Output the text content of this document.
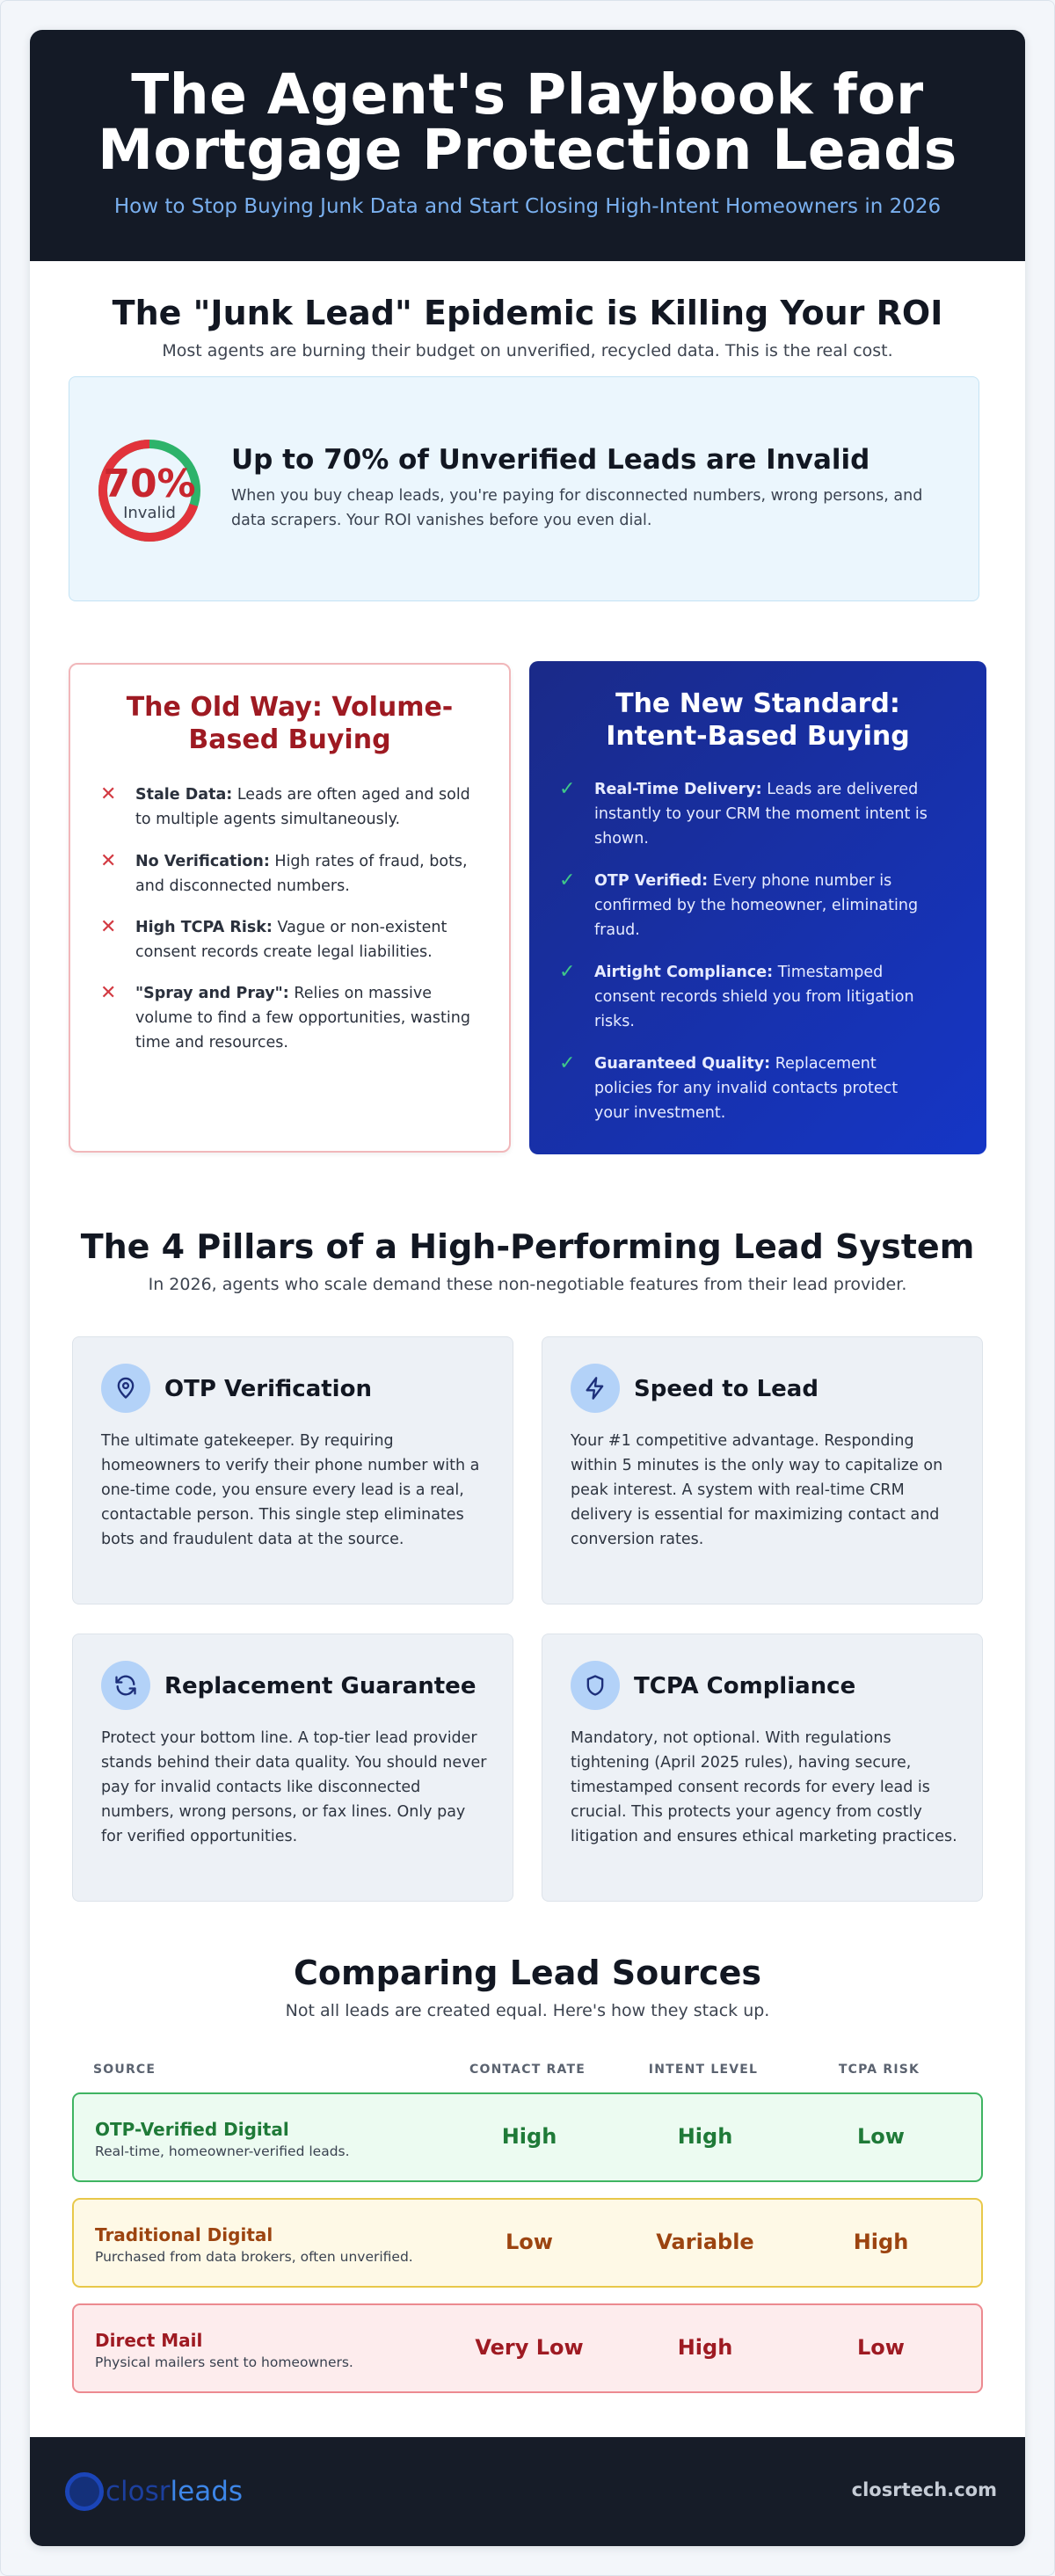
The Agent's Playbook for
Mortgage Protection Leads

How to Stop Buying Junk Data and Start Closing High-Intent Homeowners in 2026

The "Junk Lead" Epidemic is Killing Your ROI
Most agents are burning their budget on unverified, recycled data. This is the real cost.
70%
Invalid
Up to 70% of Unverified Leads are Invalid

When you buy cheap leads, you're paying for disconnected numbers, wrong persons, and data scrapers. Your ROI vanishes before you even dial.

The Old Way: Volume-
Based Buying
✕ Stale Data: Leads are often aged and sold to multiple agents simultaneously.
✕ No Verification: High rates of fraud, bots, and disconnected numbers.
✕ High TCPA Risk: Vague or non-existent consent records create legal liabilities.
✕ "Spray and Pray": Relies on massive volume to find a few opportunities, wasting time and resources.
The New Standard:
Intent-Based Buying
✓ Real-Time Delivery: Leads are delivered instantly to your CRM the moment intent is shown.
✓ OTP Verified: Every phone number is confirmed by the homeowner, eliminating fraud.
✓ Airtight Compliance: Timestamped consent records shield you from litigation risks.
✓ Guaranteed Quality: Replacement policies for any invalid contacts protect your investment.
The 4 Pillars of a High-Performing Lead System
In 2026, agents who scale demand these non-negotiable features from their lead provider.
OTP Verification

The ultimate gatekeeper. By requiring homeowners to verify their phone number with a one-time code, you ensure every lead is a real, contactable person. This single step eliminates bots and fraudulent data at the source.

Speed to Lead

Your #1 competitive advantage. Responding within 5 minutes is the only way to capitalize on peak interest. A system with real-time CRM delivery is essential for maximizing contact and conversion rates.

Replacement Guarantee

Protect your bottom line. A top-tier lead provider stands behind their data quality. You should never pay for invalid contacts like disconnected numbers, wrong persons, or fax lines. Only pay for verified opportunities.

TCPA Compliance

Mandatory, not optional. With regulations tightening (April 2025 rules), having secure, timestamped consent records for every lead is crucial. This protects your agency from costly litigation and ensures ethical marketing practices.

Comparing Lead Sources
Not all leads are created equal. Here's how they stack up.
SOURCE	CONTACT RATE	INTENT LEVEL	TCPA RISK
OTP-Verified Digital
Real-time, homeowner-verified leads.
High	High	Low
Traditional Digital
Purchased from data brokers, often unverified.
Low	Variable	High
Direct Mail
Physical mailers sent to homeowners.
Very Low	High	Low
closr leads	closrtech.com
